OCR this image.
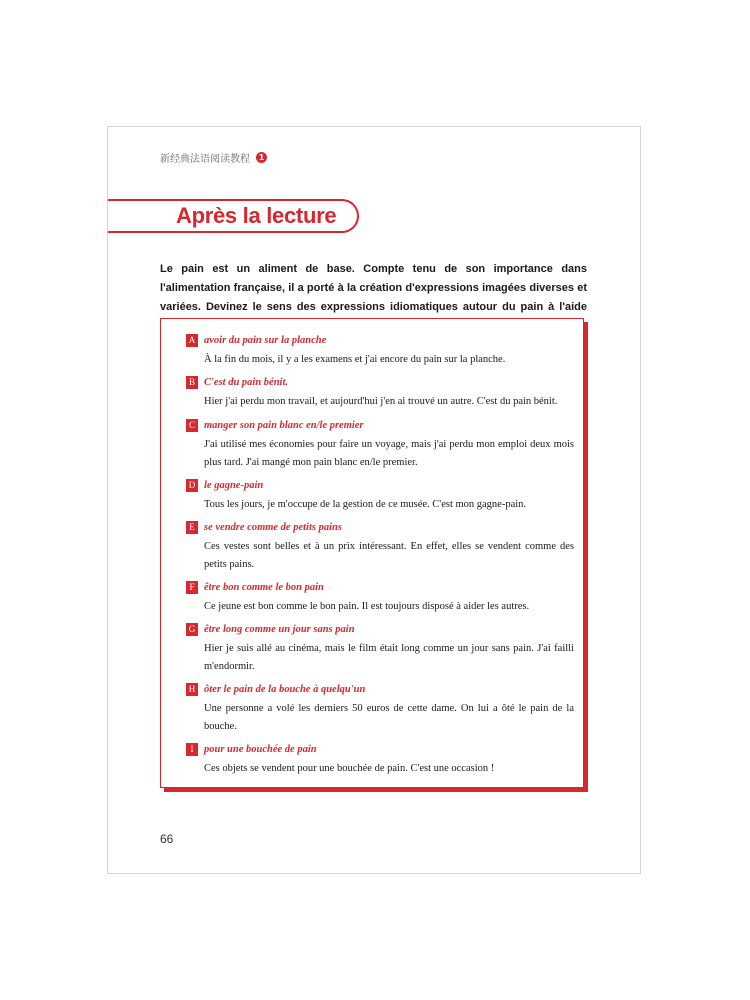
新经典法语阅读教程	1
Après la lecture
Le pain est un aliment de base. Compte tenu de son importance dans l'alimentation française, il a porté à la création d'expressions imagées diverses et variées. Devinez le sens des expressions idiomatiques autour du pain à l'aide
A avoir du pain sur la planche
À la fin du mois, il y a les examens et j'ai encore du pain sur la planche.
B C'est du pain bénit.
Hier j'ai perdu mon travail, et aujourd'hui j'en ai trouvé un autre. C'est du pain bénit.
C manger son pain blanc en/le premier
J'ai utilisé mes économies pour faire un voyage, mais j'ai perdu mon emploi deux mois plus tard. J'ai mangé mon pain blanc en/le premier.
D le gagne-pain
Tous les jours, je m'occupe de la gestion de ce musée. C'est mon gagne-pain.
E se vendre comme de petits pains
Ces vestes sont belles et à un prix intéressant. En effet, elles se vendent comme des petits pains.
F être bon comme le bon pain
Ce jeune est bon comme le bon pain. Il est toujours disposé à aider les autres.
G être long comme un jour sans pain
Hier je suis allé au cinéma, mais le film était long comme un jour sans pain. J'ai failli m'endormir.
H ôter le pain de la bouche à quelqu'un
Une personne a volé les derniers 50 euros de cette dame. On lui a ôté le pain de la bouche.
I	pour une bouchée de pain
Ces objets se vendent pour une bouchée de pain. C'est une occasion !
66
